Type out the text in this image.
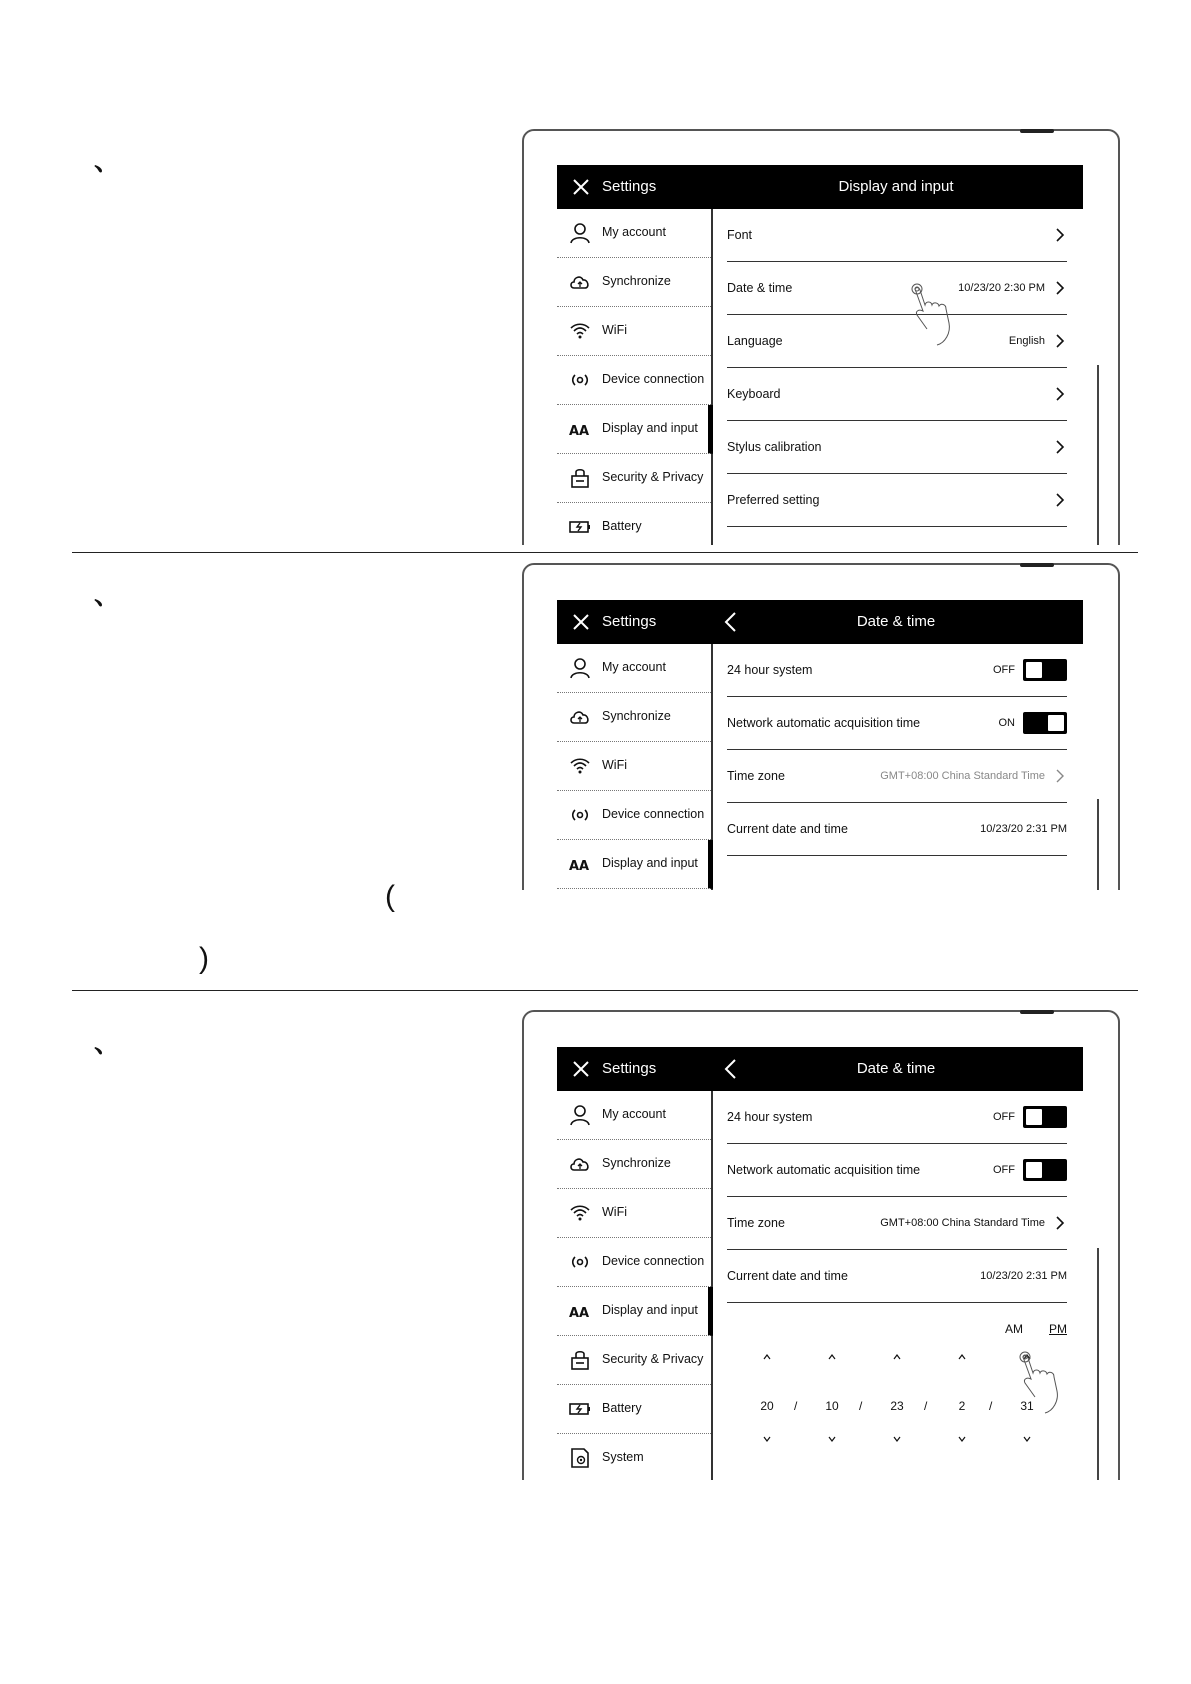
、
Settings	Display and input
My account
Synchronize
WiFi
Device connection
AA Display and input
Security & Privacy
Battery
Font
Date & time	10/23/20 2:30 PM
Language	English
Keyboard
Stylus calibration
Preferred setting
、
(
)
Settings	Date & time
My account
Synchronize
WiFi
Device connection
AA Display and input
24 hour system	OFF
Network automatic acquisition time	ON
Time zone	GMT+08:00 China Standard Time
Current date and time	10/23/20 2:31 PM
、
Settings	Date & time
My account
Synchronize
WiFi
Device connection
AA Display and input
Security & Privacy
Battery
System
24 hour system	OFF
Network automatic acquisition time	OFF
Time zone	GMT+08:00 China Standard Time
Current date and time	10/23/20 2:31 PM
AM PM
20	/	10	/	23	/	2	/	31
